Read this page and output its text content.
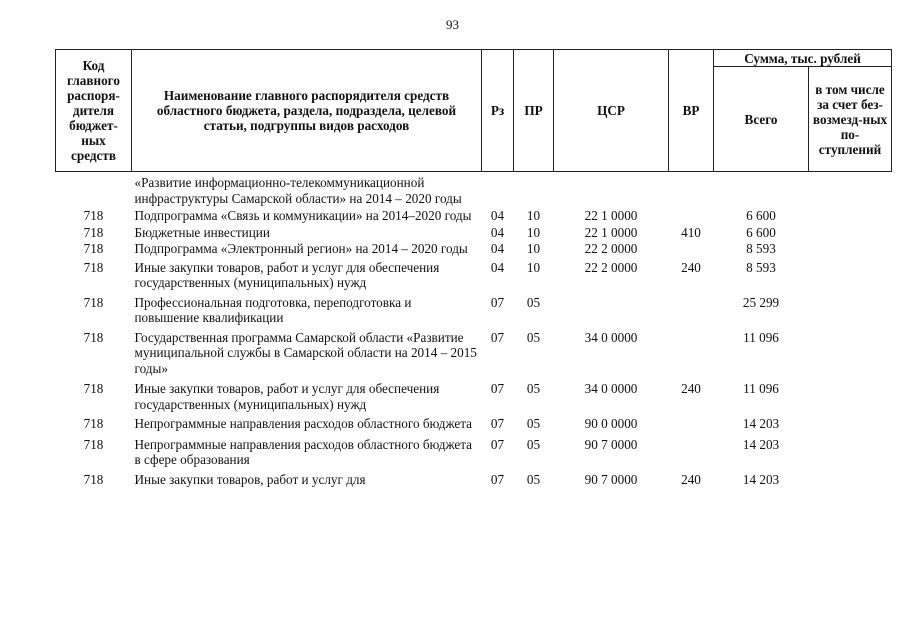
93
Код главного распоря-дителя бюджет-ных средств	Наименование главного распорядителя средств областного бюджета, раздела, подраздела, целевой статьи, подгруппы видов расходов	Рз	ПР	ЦСР	ВР	Сумма, тыс. рублей	
						Всего	в том числе за счет без-возмезд-ных по-ступлений
	«Развитие информационно-телекоммуникационной инфраструктуры Самарской области» на 2014 – 2020 годы						
718	Подпрограмма «Связь и коммуникации» на 2014–2020 годы	04	10	22 1 0000		6 600	
718	Бюджетные инвестиции	04	10	22 1 0000	410	6 600	
718	Подпрограмма «Электронный регион» на 2014 – 2020 годы	04	10	22 2 0000		8 593	
718	Иные закупки товаров, работ и услуг для обеспечения государственных (муниципальных) нужд	04	10	22 2 0000	240	8 593	
718	Профессиональная подготовка, переподготовка и повышение квалификации	07	05			25 299	
718	Государственная программа Самарской области «Развитие муниципальной службы в Самарской области на 2014 – 2015 годы»	07	05	34 0 0000		11 096	
718	Иные закупки товаров, работ и услуг для обеспечения государственных (муниципальных) нужд	07	05	34 0 0000	240	11 096	
718	Непрограммные направления расходов областного бюджета	07	05	90 0 0000		14 203	
718	Непрограммные направления расходов областного бюджета в сфере образования	07	05	90 7 0000		14 203	
718	Иные закупки товаров, работ и услуг для	07	05	90 7 0000	240	14 203	
